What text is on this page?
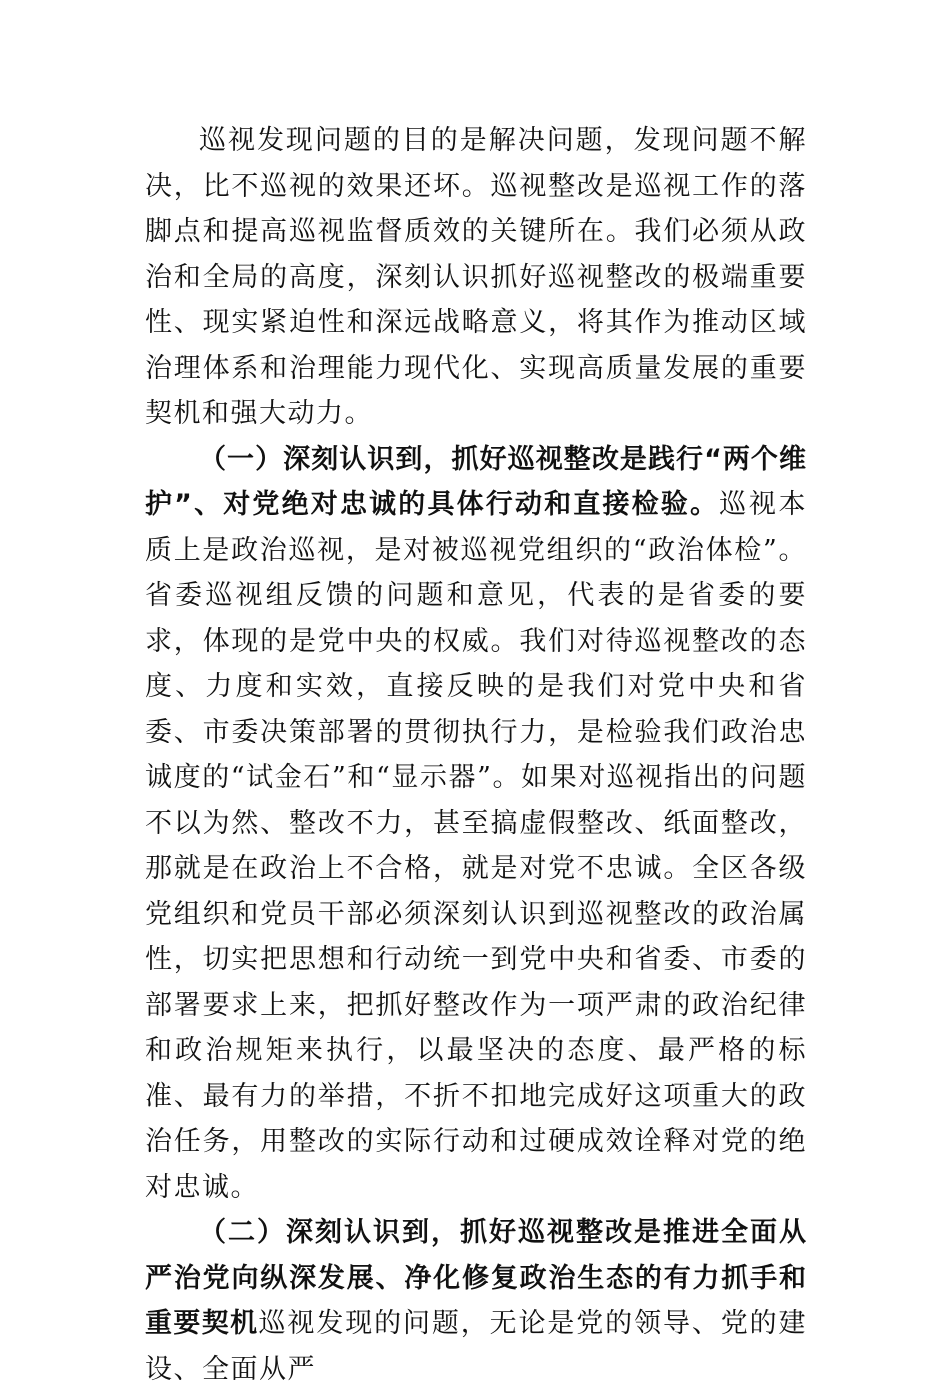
巡视发现问题的目的是解决问题，发现问题不解决，比不巡视的效果还坏。巡视整改是巡视工作的落脚点和提高巡视监督质效的关键所在。我们必须从政治和全局的高度，深刻认识抓好巡视整改的极端重要性、现实紧迫性和深远战略意义，将其作为推动区域治理体系和治理能力现代化、实现高质量发展的重要契机和强大动力。

（一）深刻认识到，抓好巡视整改是践行“两个维护”、对党绝对忠诚的具体行动和直接检验。巡视本质上是政治巡视，是对被巡视党组织的“政治体检”。省委巡视组反馈的问题和意见，代表的是省委的要求，体现的是党中央的权威。我们对待巡视整改的态度、力度和实效，直接反映的是我们对党中央和省委、市委决策部署的贯彻执行力，是检验我们政治忠诚度的“试金石”和“显示器”。如果对巡视指出的问题不以为然、整改不力，甚至搞虚假整改、纸面整改，那就是在政治上不合格，就是对党不忠诚。全区各级党组织和党员干部必须深刻认识到巡视整改的政治属性，切实把思想和行动统一到党中央和省委、市委的部署要求上来，把抓好整改作为一项严肃的政治纪律和政治规矩来执行，以最坚决的态度、最严格的标准、最有力的举措，不折不扣地完成好这项重大的政治任务，用整改的实际行动和过硬成效诠释对党的绝对忠诚。

（二）深刻认识到，抓好巡视整改是推进全面从严治党向纵深发展、净化修复政治生态的有力抓手和重要契机巡视发现的问题，无论是党的领导、党的建设、全面从严
